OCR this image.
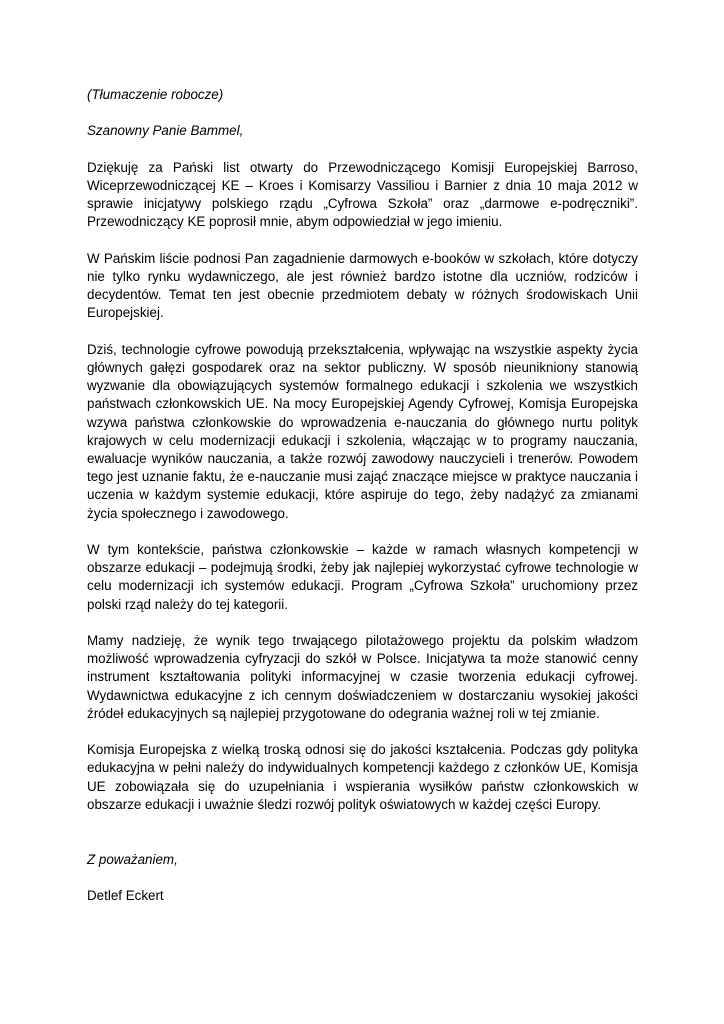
(Tłumaczenie robocze)

Szanowny Panie Bammel,

Dziękuję za Pański list otwarty do Przewodniczącego Komisji Europejskiej Barroso, Wiceprzewodniczącej KE – Kroes i Komisarzy Vassiliou i Barnier z dnia 10 maja 2012 w sprawie inicjatywy polskiego rządu „Cyfrowa Szkoła” oraz „darmowe e-podręczniki”. Przewodniczący KE poprosił mnie, abym odpowiedział w jego imieniu.

W Pańskim liście podnosi Pan zagadnienie darmowych e-booków w szkołach, które dotyczy nie tylko rynku wydawniczego, ale jest również bardzo istotne dla uczniów, rodziców i decydentów. Temat ten jest obecnie przedmiotem debaty w różnych środowiskach Unii Europejskiej.

Dziś, technologie cyfrowe powodują przekształcenia, wpływając na wszystkie aspekty życia głównych gałęzi gospodarek oraz na sektor publiczny. W sposób nieunikniony stanowią wyzwanie dla obowiązujących systemów formalnego edukacji i szkolenia we wszystkich państwach członkowskich UE. Na mocy Europejskiej Agendy Cyfrowej, Komisja Europejska wzywa państwa członkowskie do wprowadzenia e-nauczania do głównego nurtu polityk krajowych w celu modernizacji edukacji i szkolenia, włączając w to programy nauczania, ewaluacje wyników nauczania, a także rozwój zawodowy nauczycieli i trenerów. Powodem tego jest uznanie faktu, że e-nauczanie musi zająć znaczące miejsce w praktyce nauczania i uczenia w każdym systemie edukacji, które aspiruje do tego, żeby nadążyć za zmianami życia społecznego i zawodowego.

W tym kontekście, państwa członkowskie – każde w ramach własnych kompetencji w obszarze edukacji – podejmują środki, żeby jak najlepiej wykorzystać cyfrowe technologie w celu modernizacji ich systemów edukacji. Program „Cyfrowa Szkoła” uruchomiony przez polski rząd należy do tej kategorii.

Mamy nadzieję, że wynik tego trwającego pilotażowego projektu da polskim władzom możliwość wprowadzenia cyfryzacji do szkół w Polsce. Inicjatywa ta może stanowić cenny instrument kształtowania polityki informacyjnej w czasie tworzenia edukacji cyfrowej. Wydawnictwa edukacyjne z ich cennym doświadczeniem w dostarczaniu wysokiej jakości źródeł edukacyjnych są najlepiej przygotowane do odegrania ważnej roli w tej zmianie.

Komisja Europejska z wielką troską odnosi się do jakości kształcenia. Podczas gdy polityka edukacyjna w pełni należy do indywidualnych kompetencji każdego z członków UE, Komisja UE zobowiązała się do uzupełniania i wspierania wysiłków państw członkowskich w obszarze edukacji i uważnie śledzi rozwój polityk oświatowych w każdej części Europy.

Z poważaniem,

Detlef Eckert
